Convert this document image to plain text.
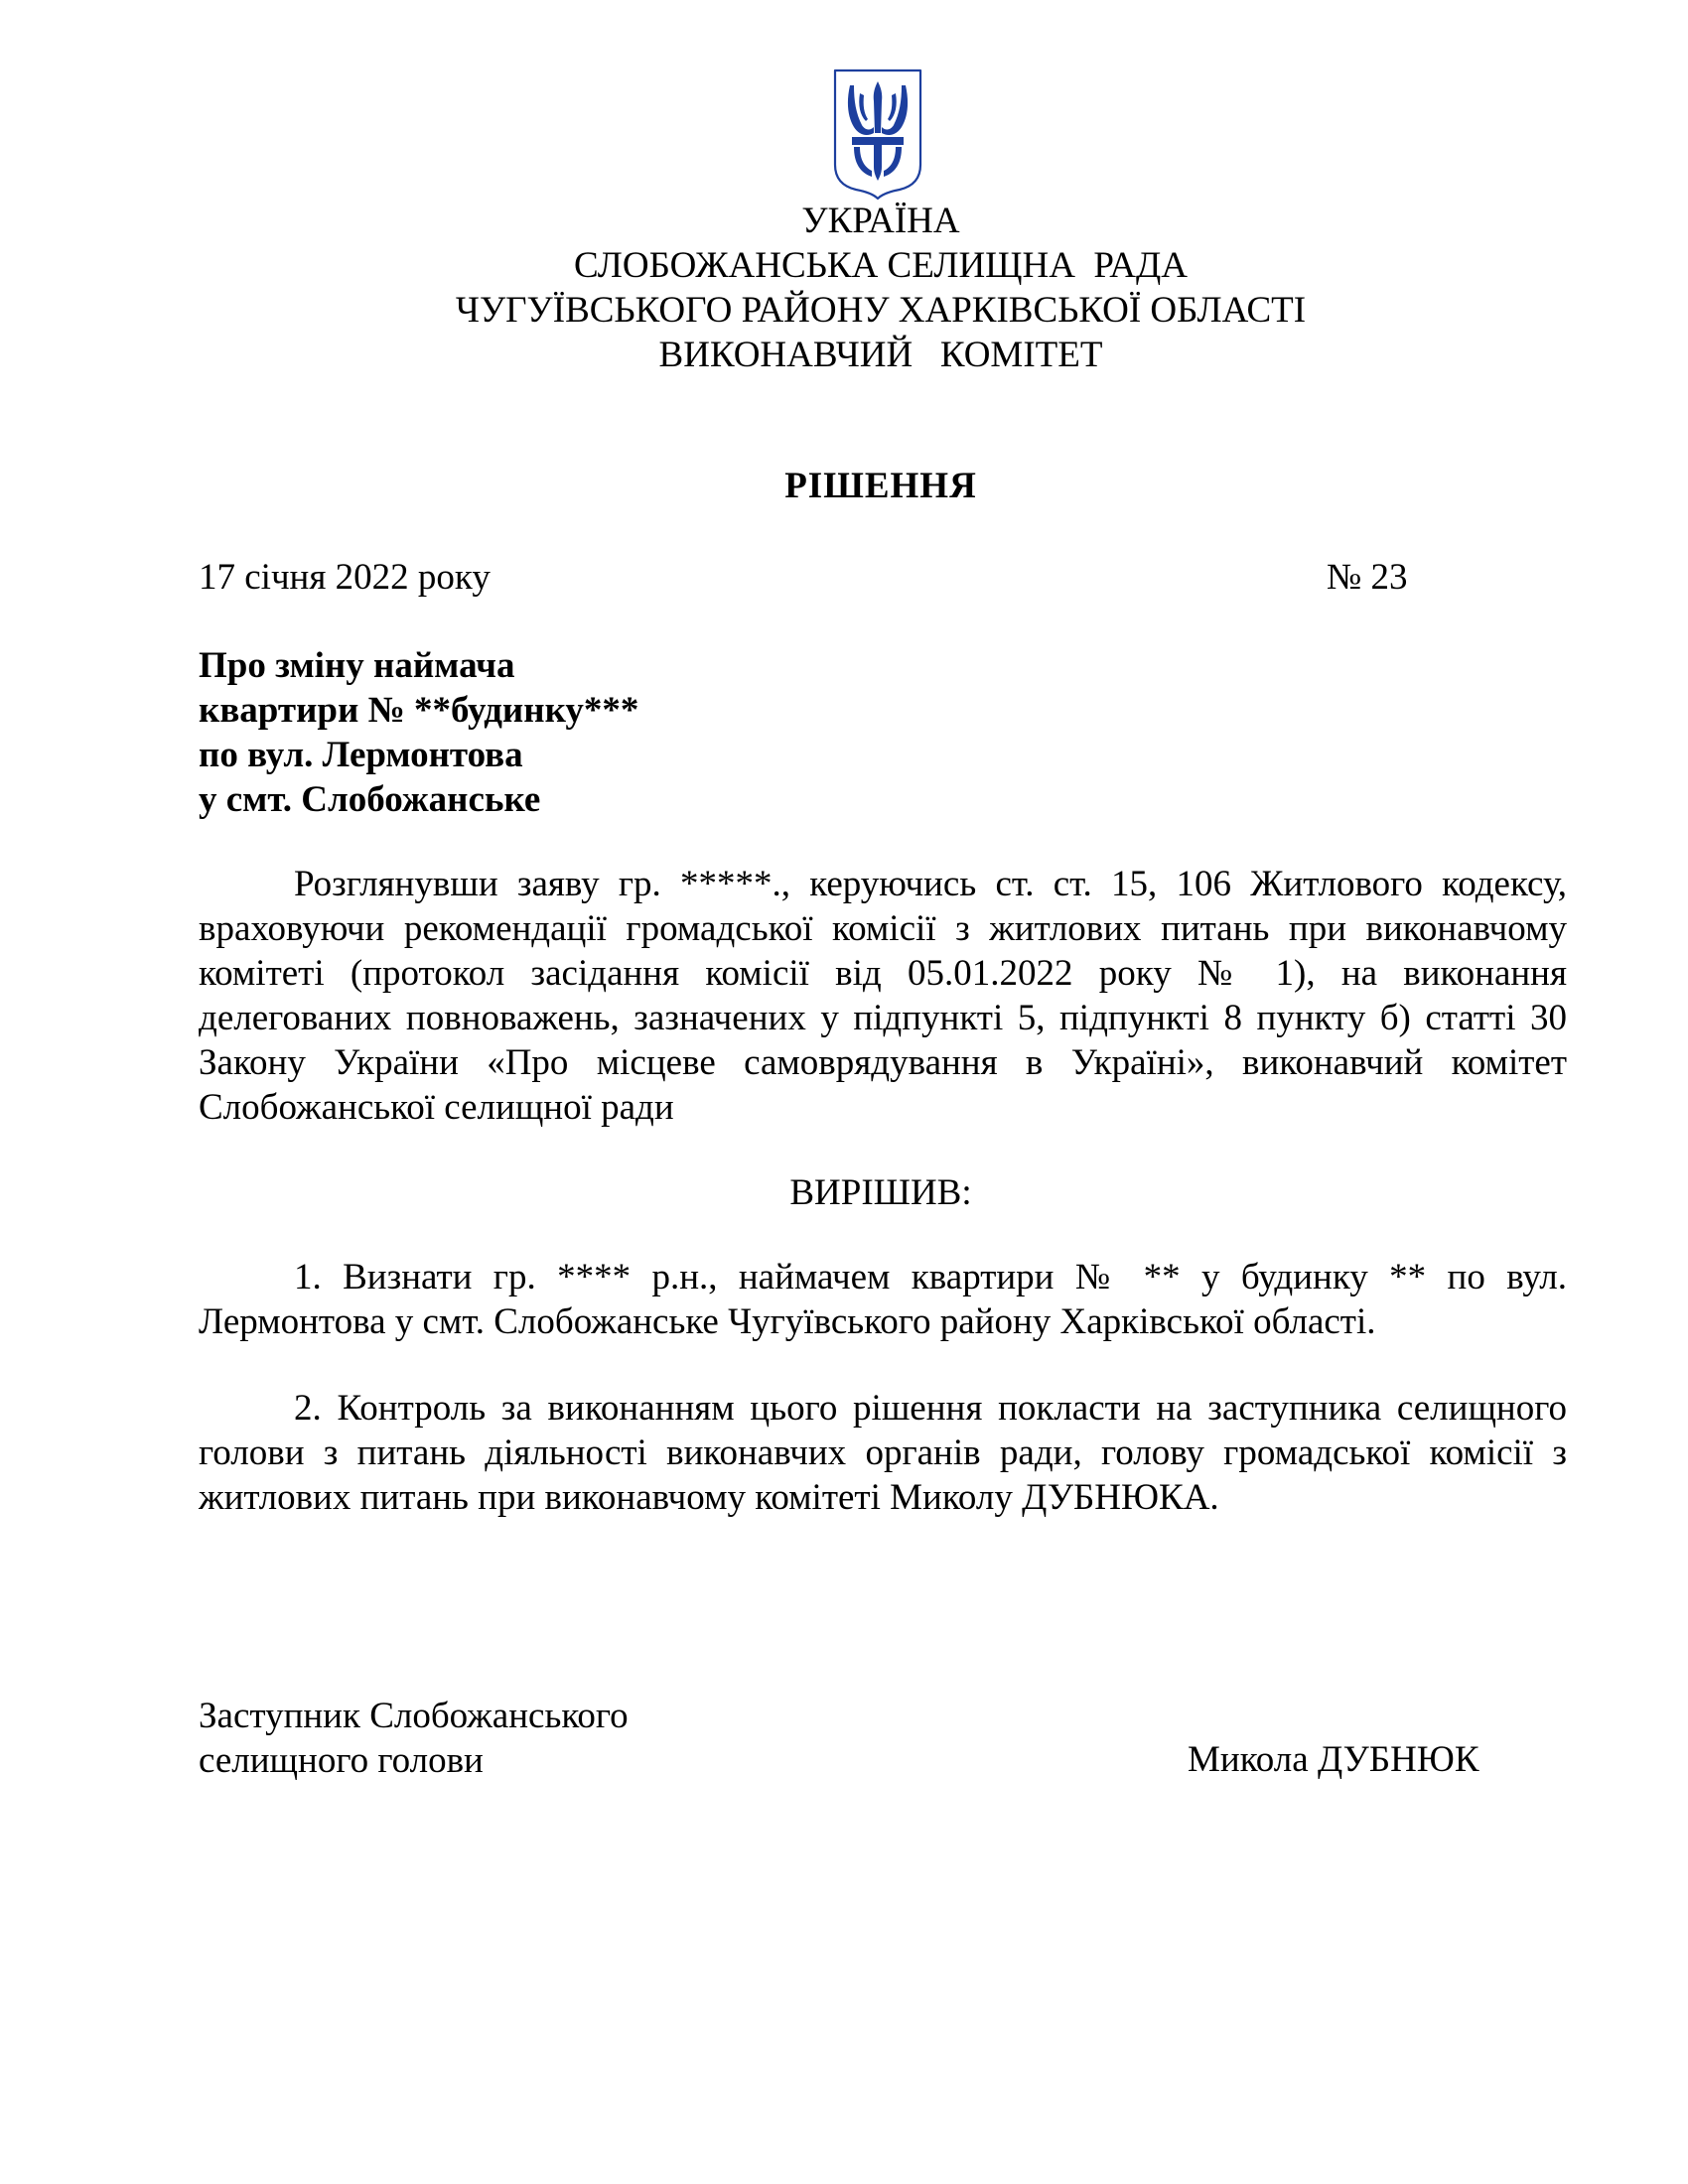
УКРАЇНА
СЛОБОЖАНСЬКА СЕЛИЩНА  РАДА
ЧУГУЇВСЬКОГО РАЙОНУ ХАРКІВСЬКОЇ ОБЛАСТІ
ВИКОНАВЧИЙ   КОМІТЕТ
РІШЕННЯ
17 січня 2022 року	№ 23
Про зміну наймача
квартири № **будинку***
по вул. Лермонтова
у смт. Слобожанське
Розглянувши заяву гр. *****., керуючись ст. ст. 15, 106 Житлового кодексу, враховуючи рекомендації громадської комісії з житлових питань при виконавчому комітеті (протокол засідання комісії від 05.01.2022 року № 1), на виконання делегованих повноважень, зазначених у підпункті 5, підпункті 8 пункту б) статті 30 Закону України «Про місцеве самоврядування в Україні», виконавчий комітет Слобожанської селищної ради
ВИРІШИВ:
1. Визнати гр. **** р.н., наймачем квартири № ** у будинку ** по вул. Лермонтова у смт. Слобожанське Чугуївського району Харківської області.
2. Контроль за виконанням цього рішення покласти на заступника селищного голови з питань діяльності виконавчих органів ради, голову громадської комісії з житлових питань при виконавчому комітеті Миколу ДУБНЮКА.
Заступник Слобожанського
селищного голови	Микола ДУБНЮК
